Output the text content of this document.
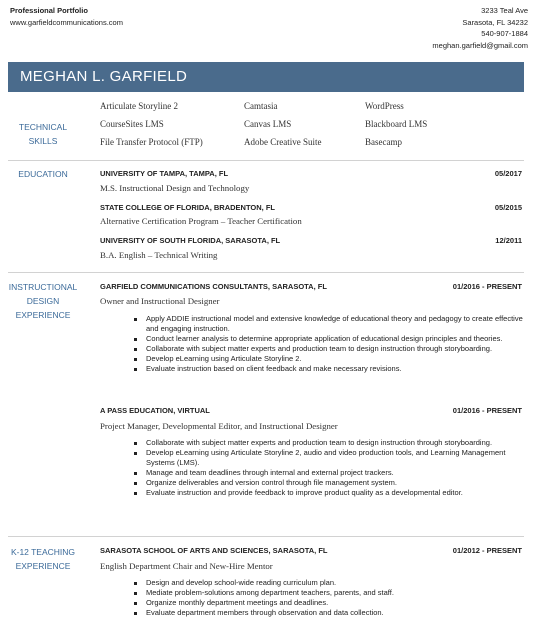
Professional Portfolio
www.garfieldcommunications.com
3233 Teal Ave
Sarasota, FL 34232
540-907-1884
meghan.garfield@gmail.com
MEGHAN L. GARFIELD
TECHNICAL
SKILLS
Articulate Storyline 2	Camtasia	WordPress
CourseSites LMS	Canvas LMS	Blackboard LMS
File Transfer Protocol (FTP)	Adobe Creative Suite	Basecamp
EDUCATION	UNIVERSITY OF TAMPA, TAMPA, FL	05/2017
M.S. Instructional Design and Technology
STATE COLLEGE OF FLORIDA, BRADENTON, FL	05/2015
Alternative Certification Program – Teacher Certification
UNIVERSITY OF SOUTH FLORIDA, SARASOTA, FL	12/2011
B.A. English – Technical Writing
INSTRUCTIONAL
DESIGN
EXPERIENCE
GARFIELD COMMUNICATIONS CONSULTANTS, SARASOTA, FL	01/2016 - PRESENT
Owner and Instructional Designer
Apply ADDIE instructional model and extensive knowledge of educational theory and pedagogy to create effective and engaging instruction.
Conduct learner analysis to determine appropriate application of educational design principles and theories.
Collaborate with subject matter experts and production team to design instruction through storyboarding.
Develop eLearning using Articulate Storyline 2.
Evaluate instruction based on client feedback and make necessary revisions.
A PASS EDUCATION, VIRTUAL	01/2016 - PRESENT
Project Manager, Developmental Editor, and Instructional Designer
Collaborate with subject matter experts and production team to design instruction through storyboarding.
Develop eLearning using Articulate Storyline 2, audio and video production tools, and Learning Management Systems (LMS).
Manage and team deadlines through internal and external project trackers.
Organize deliverables and version control through file management system.
Evaluate instruction and provide feedback to improve product quality as a developmental editor.
K-12 TEACHING
EXPERIENCE
SARASOTA SCHOOL OF ARTS AND SCIENCES, SARASOTA, FL	01/2012 - PRESENT
English Department Chair and New-Hire Mentor
Design and develop school-wide reading curriculum plan.
Mediate problem-solutions among department teachers, parents, and staff.
Organize monthly department meetings and deadlines.
Evaluate department members through observation and data collection.
